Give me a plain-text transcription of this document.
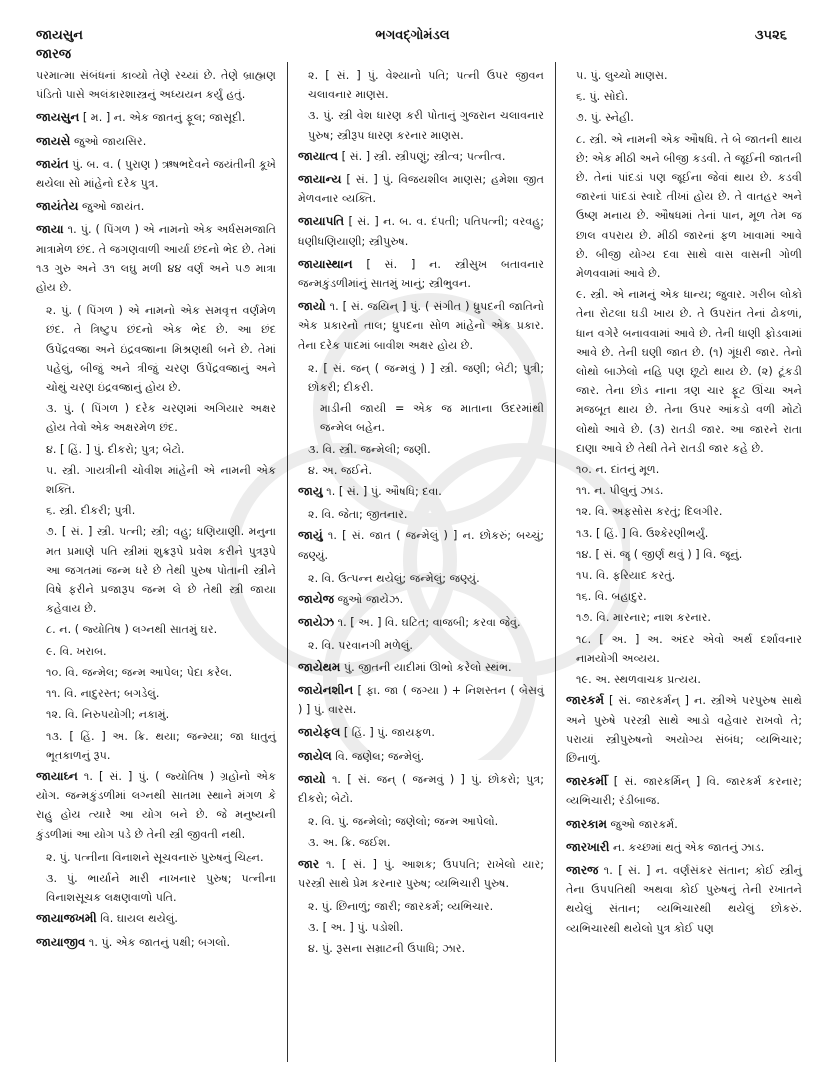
જાયસુન
જારજ
ભગવદ્ગોમંડલ	૩૫૨૬
પરમાત્મા સંબંધનાં કાવ્યો તેણે રચ્યાં છે. તેણે બ્રાહ્મણ પંડિતો પાસે અલંકારશાસ્ત્રનું અધ્યયન કર્યું હતું.
જાયસુન [ મ. ] ન. એક જાતનું ફૂલ; જાસૂદી.
જાયસે જુઓ જાયસિર.
જાયંત પું. બ. વ. ( પુરાણ ) ઋષભદેવને જયંતીની કૂખે થયેલા સો માંહેનો દરેક પુત્ર.
જાયંતેય જુઓ જાયંત.
જાયા ૧. પું. ( પિંગળ ) એ નામનો એક અર્ધસમજાતિ માત્રામેળ છંદ. તે જગણવાળી આર્યા છંદનો ભેદ છે. તેમાં ૧૩ ગુરુ અને ૩૧ લઘુ મળી ૪૪ વર્ણ અને ૫૭ માત્રા હોય છે.
૨. પું. ( પિંગળ ) એ નામનો એક સમવૃત્ત વર્ણમેળ છંદ. તે ત્રિષ્ટુપ છંદનો એક ભેદ છે. આ છંદ ઉપેંદ્રવજ્રા અને ઇંદ્રવજ્રાના મિશ્રણથી બને છે. તેમાં પહેલું, બીજું અને ત્રીજું ચરણ ઉપેંદ્રવજ્રાનું અને ચોથું ચરણ ઇંદ્રવજ્રાનું હોય છે.
૩. પું. ( પિંગળ ) દરેક ચરણમાં અગિયાર અક્ષર હોય તેવો એક અક્ષરમેળ છંદ.
૪. [ હિં. ] પું. દીકરો; પુત્ર; બેટો.
૫. સ્ત્રી. ગાયત્રીની ચોવીશ માંહેની એ નામની એક શક્તિ.
૬. સ્ત્રી. દીકરી; પુત્રી.
૭. [ સં. ] સ્ત્રી. પત્ની; સ્ત્રી; વહુ; ધણિયાણી. મનુના મત પ્રમાણે પતિ સ્ત્રીમાં શુક્રરૂપે પ્રવેશ કરીને પુત્રરૂપે આ જગતમાં જન્મ ધરે છે તેથી પુરુષ પોતાની સ્ત્રીને વિષે ફરીને પ્રજારૂપ જન્મ લે છે તેથી સ્ત્રી જાયા કહેવાય છે.
૮. ન. ( જ્યોતિષ ) લગ્નથી સાતમું ઘર.
૯. વિ. ખરાબ.
૧૦. વિ. જન્મેલ; જન્મ આપેલ; પેદા કરેલ.
૧૧. વિ. નાદુરસ્ત; બગડેલું.
૧૨. વિ. નિરુપયોગી; નકામું.
૧૩. [ હિં. ] અ. ક્રિ. થયા; જન્મ્યા; જા ધાતુનું ભૂતકાળનું રૂપ.
જાયાઘ્ન ૧. [ સં. ] પું. ( જ્યોતિષ ) ગ્રહોનો એક યોગ. જન્મકુંડળીમાં લગ્નથી સાતમા સ્થાને મંગળ કે રાહુ હોય ત્યારે આ યોગ બને છે. જે મનુષ્યની કુંડળીમાં આ યોગ પડે છે તેની સ્ત્રી જીવતી નથી.
૨. પું. પત્નીના વિનાશને સૂચવનારું પુરુષનું ચિહ્ન.
૩. પું. ભાર્યાને મારી નાખનાર પુરુષ; પત્નીના વિનાશસૂચક લક્ષણવાળો પતિ.
જાયાજખમી વિ. ઘાયલ થયેલું.
જાયાજીવ ૧. પું. એક જાતનું પક્ષી; બગલો.
૨. [ સં. ] પું. વેશ્યાનો પતિ; પત્ની ઉપર જીવન ચલાવનાર માણસ.
૩. પું. સ્ત્રી વેશ ધારણ કરી પોતાનું ગુજરાન ચલાવનાર પુરુષ; સ્ત્રીરૂપ ધારણ કરનાર માણસ.
જાયાત્વ [ સં. ] સ્ત્રી. સ્ત્રીપણું; સ્ત્રીત્વ; પત્નીત્વ.
જાયાન્ય [ સં. ] પું. વિજયશીલ માણસ; હમેશા જીત મેળવનાર વ્યક્તિ.
જાયાપતિ [ સં. ] ન. બ. વ. દંપતી; પતિપત્ની; વરવહુ; ધણીધણિયાણી; સ્ત્રીપુરુષ.
જાયાસ્થાન [ સં. ] ન. સ્ત્રીસુખ બતાવનાર જન્મકુંડળીમાંનું સાતમું ખાનું; સ્ત્રીભુવન.
જાયો ૧. [ સં. જયિન્ ] પું. ( સંગીત ) ધ્રુપદની જાતિનો એક પ્રકારનો તાલ; ધ્રુપદના સોળ માંહેનો એક પ્રકાર. તેના દરેક પાદમાં બાવીશ અક્ષર હોય છે.
૨. [ સં. જન્ ( જન્મવું ) ] સ્ત્રી. જણી; બેટી; પુત્રી; છોકરી; દીકરી.
માડીની જાયી = એક જ માતાના ઉદરમાંથી જન્મેલ બહેન.
૩. વિ. સ્ત્રી. જન્મેલી; જણી.
૪. અ. જઈને.
જાયુ ૧. [ સં. ] પું. ઔષધિ; દવા.
૨. વિ. જેતા; જીતનાર.
જાયું ૧. [ સં. જાત ( જન્મેલું ) ] ન. છોકરું; બચ્ચું; જણ્યું.
૨. વિ. ઉત્પન્ન થયેલું; જન્મેલું; જણ્યું.
જાયેજ જુઓ જાયેઝ.
જાયેઝ ૧. [ અ. ] વિ. ઘટિત; વાજબી; કરવા જેવું.
૨. વિ. પરવાનગી મળેલું.
જાયેથમ પું. જીતની યાદીમાં ઊભો કરેલો સ્થંભ.
જાયેનશીન [ ફા. જા ( જગ્યા ) + નિશસ્તન ( બેસવું ) ] પું. વારસ.
જાયેફલ [ હિં. ] પું. જાયફળ.
જાયેલ વિ. જણેલ; જન્મેલું.
જાયો ૧. [ સં. જન્ ( જન્મવું ) ] પું. છોકરો; પુત્ર; દીકરો; બેટો.
૨. વિ. પું. જન્મેલો; જણેલો; જન્મ આપેલો.
૩. અ. ક્રિ. જઈશ.
જાર ૧. [ સં. ] પું. આશક; ઉપપતિ; રાખેલો યાર; પરસ્ત્રી સાથે પ્રેમ કરનાર પુરુષ; વ્યભિચારી પુરુષ.
૨. પું. છિનાળું; જારી; જારકર્મ; વ્યભિચાર.
૩. [ અ. ] પું. પડોશી.
૪. પું. રૂસના સમ્રાટની ઉપાધિ; ઝાર.
૫. પું. લુચ્ચો માણસ.
૬. પું. સોદો.
૭. પું. સ્નેહી.
૮. સ્ત્રી. એ નામની એક ઔષધિ. તે બે જાતની થાય છે: એક મીઠી અને બીજી કડવી. તે જૂઈની જાતની છે. તેનાં પાંદડાં પણ જૂઈના જેવાં થાય છે. કડવી જારનાં પાંદડાં સ્વાદે તીખાં હોય છે. તે વાતહર અને ઉષ્ણ મનાય છે. ઔષધમાં તેનાં પાન, મૂળ તેમ જ છાલ વપરાય છે. મીઠી જારનાં ફળ ખાવામાં આવે છે. બીજી યોગ્ય દવા સાથે વાસ વાસની ગોળી મેળવવામાં આવે છે.
૯. સ્ત્રી. એ નામનું એક ધાન્ય; જુવાર. ગરીબ લોકો તેના રોટલા ઘડી ખાય છે. તે ઉપરાંત તેનાં ઢોકળાં, ધાન વગેરે બનાવવામાં આવે છે. તેની ધાણી ફોડવામાં આવે છે. તેની ઘણી જાત છે. (૧) ગૂંધરી જાર. તેનો લોથો બાઝેલો નહિ પણ છૂટો થાય છે. (૨) ટૂંકડી જાર. તેના છોડ નાના ત્રણ ચાર ફૂટ ઊંચા અને મજબૂત થાય છે. તેના ઉપર આંકડો વળી મોટો લોથો આવે છે. (૩) રાતડી જાર. આ જારને રાતા દાણા આવે છે તેથી તેને રાતડી જાર કહે છે.
૧૦. ન. દાંતનું મૂળ.
૧૧. ન. પીલુનું ઝાડ.
૧૨. વિ. અફસોસ કરતું; દિલગીર.
૧૩. [ હિં. ] વિ. ઉશ્કેરણીભર્યું.
૧૪. [ સં. જૄ ( જીર્ણ થવું ) ] વિ. જૂનું.
૧૫. વિ. ફરિયાદ કરતું.
૧૬. વિ. બહાદુર.
૧૭. વિ. મારનાર; નાશ કરનાર.
૧૮. [ અ. ] અ. અંદર એવો અર્થ દર્શાવનાર નામયોગી અવ્યય.
૧૯. અ. સ્થળવાચક પ્રત્યય.
જારકર્મ [ સં. જારકર્મન્ ] ન. સ્ત્રીએ પરપુરુષ સાથે અને પુરુષે પરસ્ત્રી સાથે આડો વહેવાર રાખવો તે; પરાયાં સ્ત્રીપુરુષનો અયોગ્ય સંબંધ; વ્યભિચાર; છિનાળું.
જારકર્મી [ સં. જારકર્મિન્ ] વિ. જારકર્મ કરનાર; વ્યભિચારી; રંડીબાજ.
જારકામ જુઓ જારકર્મ.
જારખારી ન. કચ્છમાં થતું એક જાતનું ઝાડ.
જારજ ૧. [ સં. ] ન. વર્ણસંકર સંતાન; કોઈ સ્ત્રીનું તેના ઉપપતિથી અથવા કોઈ પુરુષનું તેની રખાતને થયેલું સંતાન; વ્યભિચારથી થયેલું છોકરું. વ્યભિચારથી થયેલો પુત્ર કોઈ પણ
